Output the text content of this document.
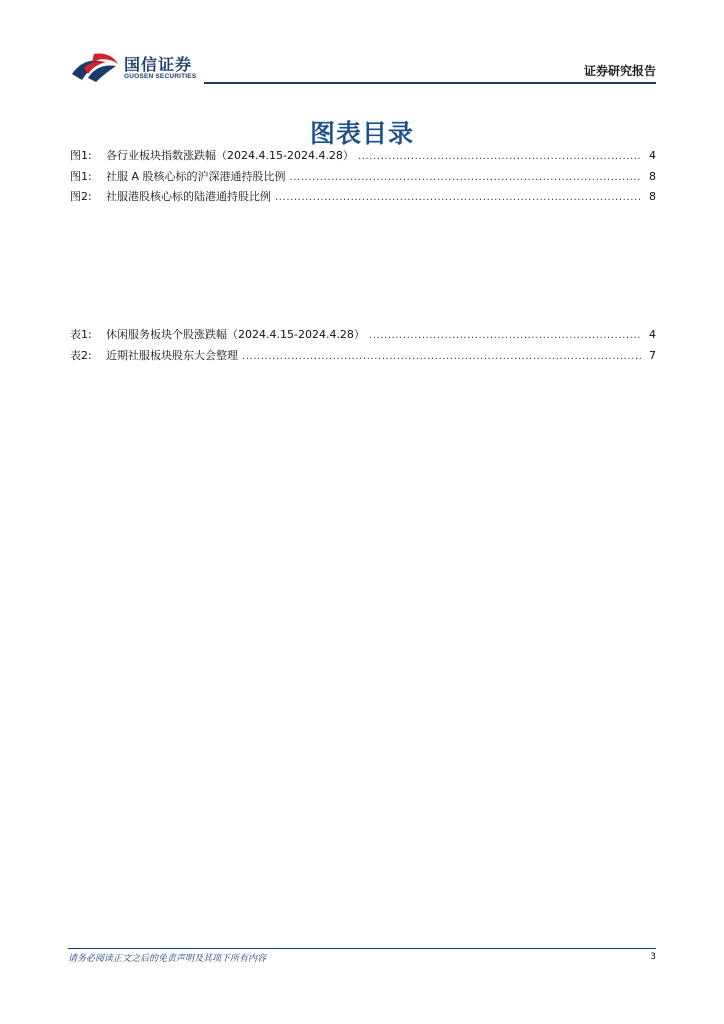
国信证券
GUOSEN SECURITIES	证券研究报告
图表目录
图1:	各行业板块指数涨跌幅（2024.4.15-2024.4.28） .....	4
图1:	社服 A 股核心标的沪深港通持股比例 .....	8
图2:	社服港股核心标的陆港通持股比例 .....	8
表1:	休闲服务板块个股涨跌幅（2024.4.15-2024.4.28） .....	4
表2:	近期社服板块股东大会整理 .....	7
请务必阅读正文之后的免责声明及其项下所有内容	3
